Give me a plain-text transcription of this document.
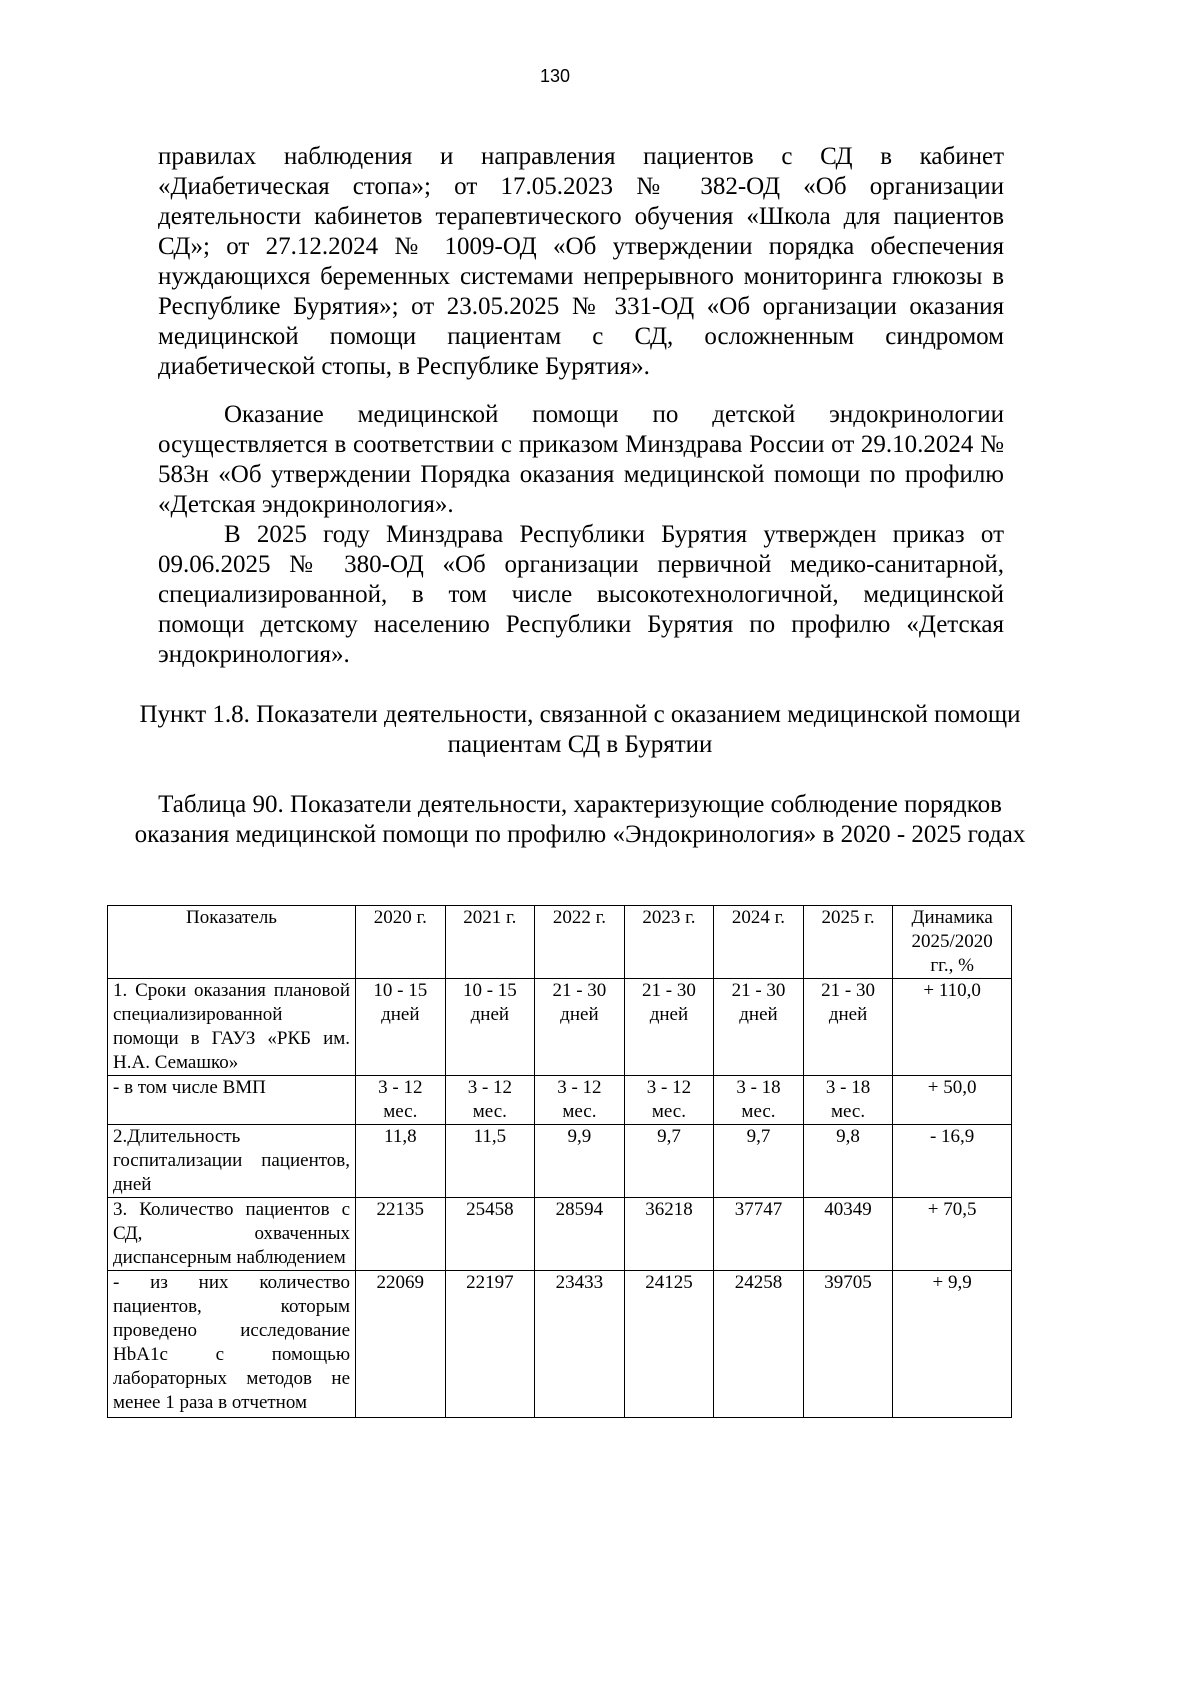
130

правилах наблюдения и направления пациентов с СД в кабинет «Диабетическая стопа»; от 17.05.2023 № 382-ОД «Об организации деятельности кабинетов терапевтического обучения «Школа для пациентов СД»; от 27.12.2024 № 1009-ОД «Об утверждении порядка обеспечения нуждающихся беременных системами непрерывного мониторинга глюкозы в Республике Бурятия»; от 23.05.2025 № 331-ОД «Об организации оказания медицинской помощи пациентам с СД, осложненным синдромом диабетической стопы, в Республике Бурятия».

Оказание медицинской помощи по детской эндокринологии осуществляется в соответствии с приказом Минздрава России от 29.10.2024 № 583н «Об утверждении Порядка оказания медицинской помощи по профилю «Детская эндокринология».

В 2025 году Минздрава Республики Бурятия утвержден приказ от 09.06.2025 № 380-ОД «Об организации первичной медико-санитарной, специализированной, в том числе высокотехнологичной, медицинской помощи детскому населению Республики Бурятия по профилю «Детская эндокринология».

Пункт 1.8. Показатели деятельности, связанной с оказанием медицинской помощи пациентам СД в Бурятии
Таблица 90. Показатели деятельности, характеризующие соблюдение порядков оказания медицинской помощи по профилю «Эндокринология» в 2020 - 2025 годах
Показатель	2020 г.	2021 г.	2022 г.	2023 г.	2024 г.	2025 г.	Динамика 2025/2020 гг., %
1. Сроки оказания плановой специализированной помощи в ГАУЗ «РКБ им. Н.А. Семашко»	10 - 15 дней	10 - 15 дней	21 - 30 дней	21 - 30 дней	21 - 30 дней	21 - 30 дней	+ 110,0
- в том числе ВМП	3 - 12 мес.	3 - 12 мес.	3 - 12 мес.	3 - 12 мес.	3 - 18 мес.	3 - 18 мес.	+ 50,0
2.Длительность госпитализации пациентов, дней	11,8	11,5	9,9	9,7	9,7	9,8	- 16,9
3. Количество пациентов с СД, охваченных диспансерным наблюдением	22135	25458	28594	36218	37747	40349	+ 70,5
- из них количество пациентов, которым проведено исследование HbA1c с помощью лабораторных методов не менее 1 раза в отчетном	22069	22197	23433	24125	24258	39705	+ 9,9
